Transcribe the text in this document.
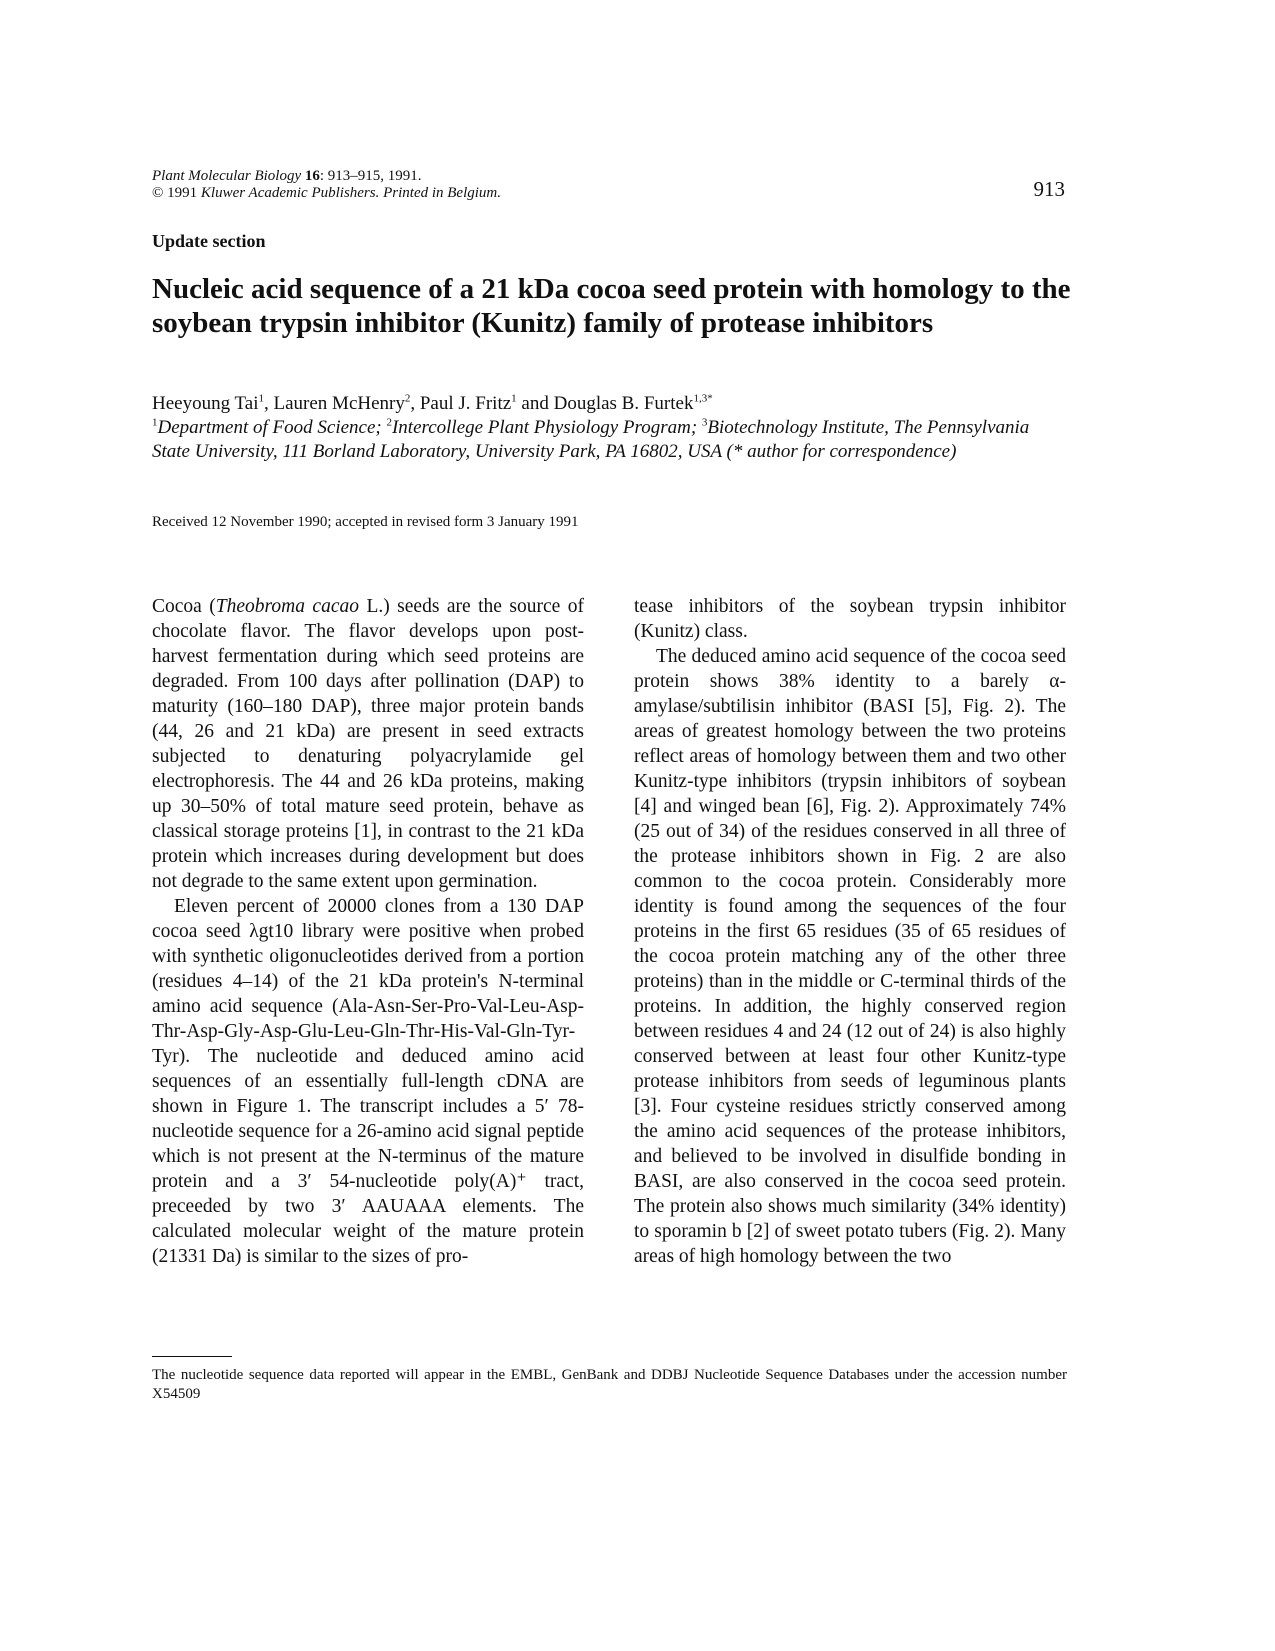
Plant Molecular Biology 16: 913–915, 1991.
© 1991 Kluwer Academic Publishers. Printed in Belgium.	913
Update section
Nucleic acid sequence of a 21 kDa cocoa seed protein with homology to the soybean trypsin inhibitor (Kunitz) family of protease inhibitors
Heeyoung Tai$^1$, Lauren McHenry$^2$, Paul J. Fritz$^1$ and Douglas B. Furtek$^{1,3*}$
$^1$Department of Food Science; $^2$Intercollege Plant Physiology Program; $^3$Biotechnology Institute, The Pennsylvania State University, 111 Borland Laboratory, University Park, PA 16802, USA (* author for correspondence)
Received 12 November 1990; accepted in revised form 3 January 1991

Cocoa (Theobroma cacao L.) seeds are the source of chocolate flavor. The flavor develops upon post-harvest fermentation during which seed proteins are degraded. From 100 days after pollination (DAP) to maturity (160–180 DAP), three major protein bands (44, 26 and 21 kDa) are present in seed extracts subjected to denaturing polyacrylamide gel electrophoresis. The 44 and 26 kDa proteins, making up 30–50% of total mature seed protein, behave as classical storage proteins [1], in contrast to the 21 kDa protein which increases during development but does not degrade to the same extent upon germination.

Eleven percent of 20000 clones from a 130 DAP cocoa seed λgt10 library were positive when probed with synthetic oligonucleotides derived from a portion (residues 4–14) of the 21 kDa protein's N-terminal amino acid sequence (Ala-Asn-Ser-Pro-Val-Leu-Asp-Thr-Asp-Gly-Asp-Glu-Leu-Gln-Thr-His-Val-Gln-Tyr-Tyr). The nucleotide and deduced amino acid sequences of an essentially full-length cDNA are shown in Figure 1. The transcript includes a 5′ 78-nucleotide sequence for a 26-amino acid signal peptide which is not present at the N-terminus of the mature protein and a 3′ 54-nucleotide poly(A)⁺ tract, preceeded by two 3′ AAUAAA elements. The calculated molecular weight of the mature protein (21331 Da) is similar to the sizes of pro-

tease inhibitors of the soybean trypsin inhibitor (Kunitz) class.

The deduced amino acid sequence of the cocoa seed protein shows 38% identity to a barely α-amylase/subtilisin inhibitor (BASI [5], Fig. 2). The areas of greatest homology between the two proteins reflect areas of homology between them and two other Kunitz-type inhibitors (trypsin inhibitors of soybean [4] and winged bean [6], Fig. 2). Approximately 74% (25 out of 34) of the residues conserved in all three of the protease inhibitors shown in Fig. 2 are also common to the cocoa protein. Considerably more identity is found among the sequences of the four proteins in the first 65 residues (35 of 65 residues of the cocoa protein matching any of the other three proteins) than in the middle or C-terminal thirds of the proteins. In addition, the highly conserved region between residues 4 and 24 (12 out of 24) is also highly conserved between at least four other Kunitz-type protease inhibitors from seeds of leguminous plants [3]. Four cysteine residues strictly conserved among the amino acid sequences of the protease inhibitors, and believed to be involved in disulfide bonding in BASI, are also conserved in the cocoa seed protein. The protein also shows much similarity (34% identity) to sporamin b [2] of sweet potato tubers (Fig. 2). Many areas of high homology between the two

The nucleotide sequence data reported will appear in the EMBL, GenBank and DDBJ Nucleotide Sequence Databases under the accession number X54509
